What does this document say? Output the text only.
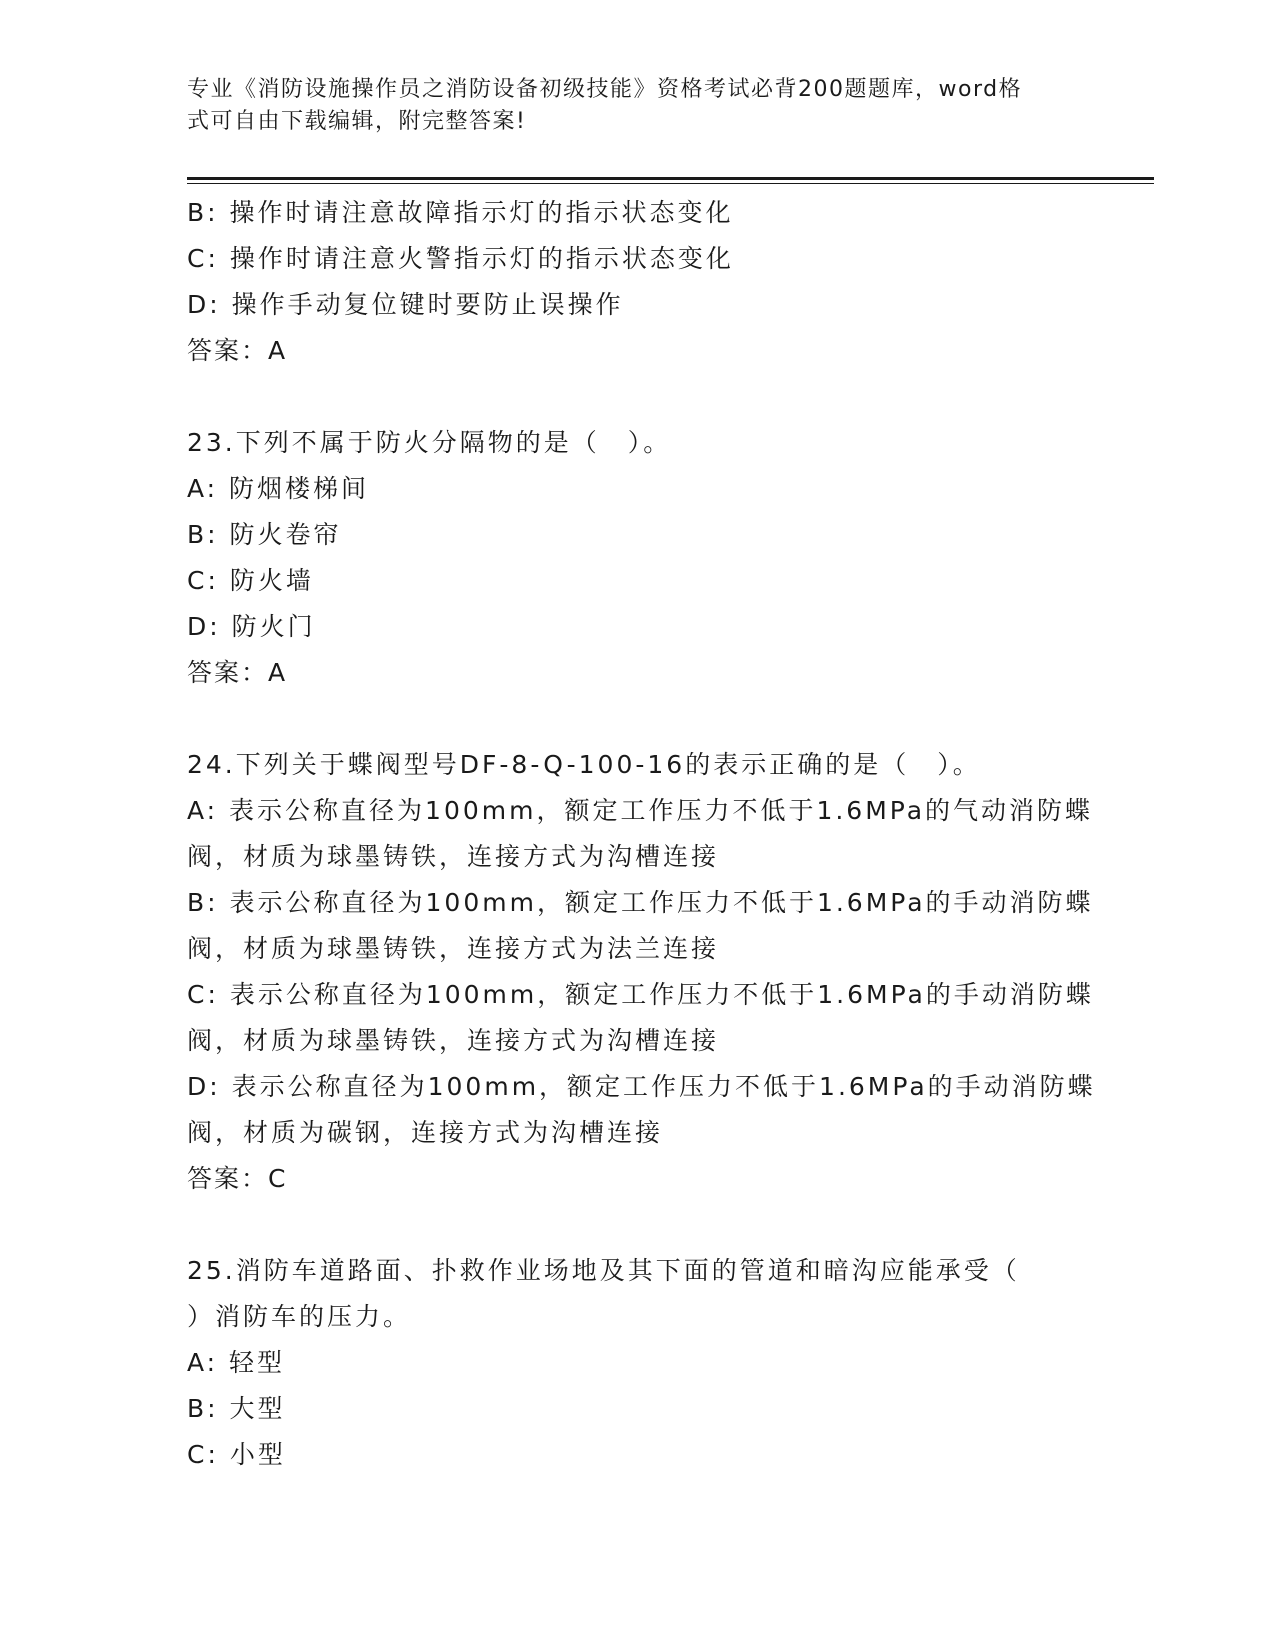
专业《消防设施操作员之消防设备初级技能》资格考试必背200题题库，word格
式可自由下载编辑，附完整答案!
B: 操作时请注意故障指示灯的指示状态变化
C: 操作时请注意火警指示灯的指示状态变化
D: 操作手动复位键时要防止误操作
答案：A
23.下列不属于防火分隔物的是（　）。
A: 防烟楼梯间
B: 防火卷帘
C: 防火墙
D: 防火门
答案：A
24.下列关于蝶阀型号DF-8-Q-100-16的表示正确的是（　）。
A: 表示公称直径为100mm，额定工作压力不低于1.6MPa的气动消防蝶
阀，材质为球墨铸铁，连接方式为沟槽连接
B: 表示公称直径为100mm，额定工作压力不低于1.6MPa的手动消防蝶
阀，材质为球墨铸铁，连接方式为法兰连接
C: 表示公称直径为100mm，额定工作压力不低于1.6MPa的手动消防蝶
阀，材质为球墨铸铁，连接方式为沟槽连接
D: 表示公称直径为100mm，额定工作压力不低于1.6MPa的手动消防蝶
阀，材质为碳钢，连接方式为沟槽连接
答案：C
25.消防车道路面、扑救作业场地及其下面的管道和暗沟应能承受（
）消防车的压力。
A: 轻型
B: 大型
C: 小型
